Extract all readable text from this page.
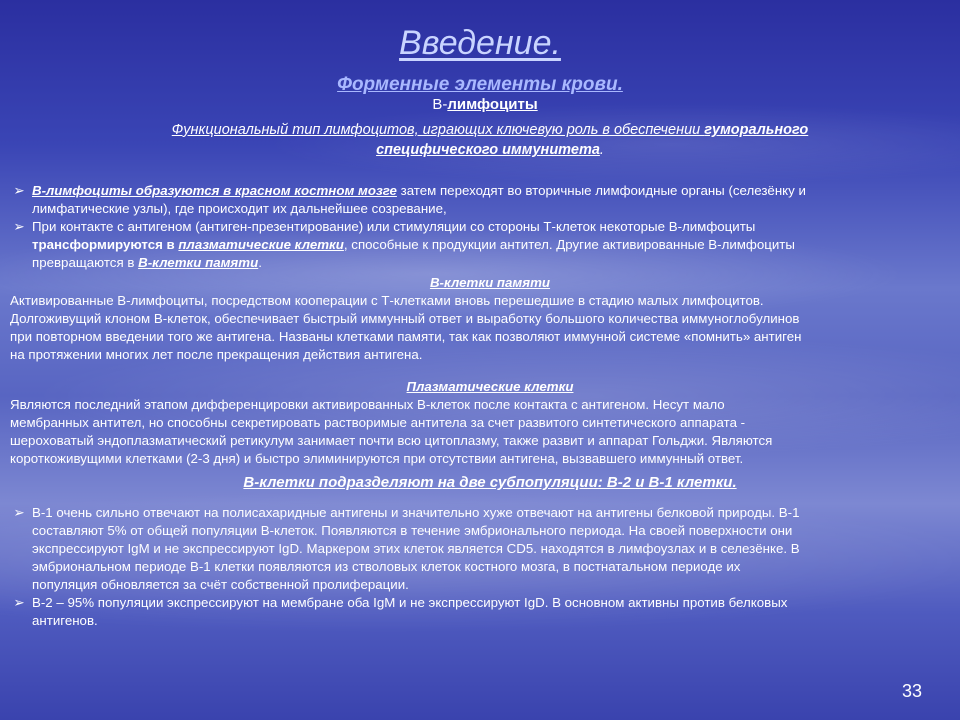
Введение.
Форменные элементы крови.

В-лимфоциты

Функциональный тип лимфоцитов, играющих ключевую роль в обеспечении гуморального
специфического иммунитета.

➢ В-лимфоциты образуются в красном костном мозге затем переходят во вторичные лимфоидные органы (селезёнку и
лимфатические узлы), где происходит их дальнейшее созревание,
➢ При контакте с антигеном (антиген-презентирование) или стимуляции со стороны Т-клеток некоторые В-лимфоциты
трансформируются в плазматические клетки, способные к продукции антител. Другие активированные В-лимфоциты
превращаются в В-клетки памяти.

В-клетки памяти

Активированные В-лимфоциты, посредством кооперации с Т-клетками вновь перешедшие в стадию малых лимфоцитов.
Долгоживущий клоном В-клеток, обеспечивает быстрый иммунный ответ и выработку большого количества иммуноглобулинов
при повторном введении того же антигена. Названы клетками памяти, так как позволяют иммунной системе «помнить» антиген
на протяжении многих лет после прекращения действия антигена.

Плазматические клетки

Являются последний этапом дифференцировки активированных В-клеток после контакта с антигеном. Несут мало
мембранных антител, но способны секретировать растворимые антитела за счет развитого синтетического аппарата -
шероховатый эндоплазматический ретикулум занимает почти всю цитоплазму, также развит и аппарат Гольджи. Являются
короткоживущими клетками (2-3 дня) и быстро элиминируются при отсутствии антигена, вызвавшего иммунный ответ.

В-клетки подразделяют на две субпопуляции: В-2 и В-1 клетки.

➢ В-1 очень сильно отвечают на полисахаридные антигены и значительно хуже отвечают на антигены белковой природы. В-1
составляют 5% от общей популяции В-клеток. Появляются в течение эмбрионального периода. На своей поверхности они
экспрессируют IgM и не экспрессируют IgD. Маркером этих клеток является CD5. находятся в лимфоузлах и в селезёнке. В
эмбриональном периоде В-1 клетки появляются из стволовых клеток костного мозга, в постнатальном периоде их
популяция обновляется за счёт собственной пролиферации.
➢ В-2 – 95% популяции экспрессируют на мембране оба IgM и не экспрессируют IgD. В основном активны против белковых
антигенов.
33
